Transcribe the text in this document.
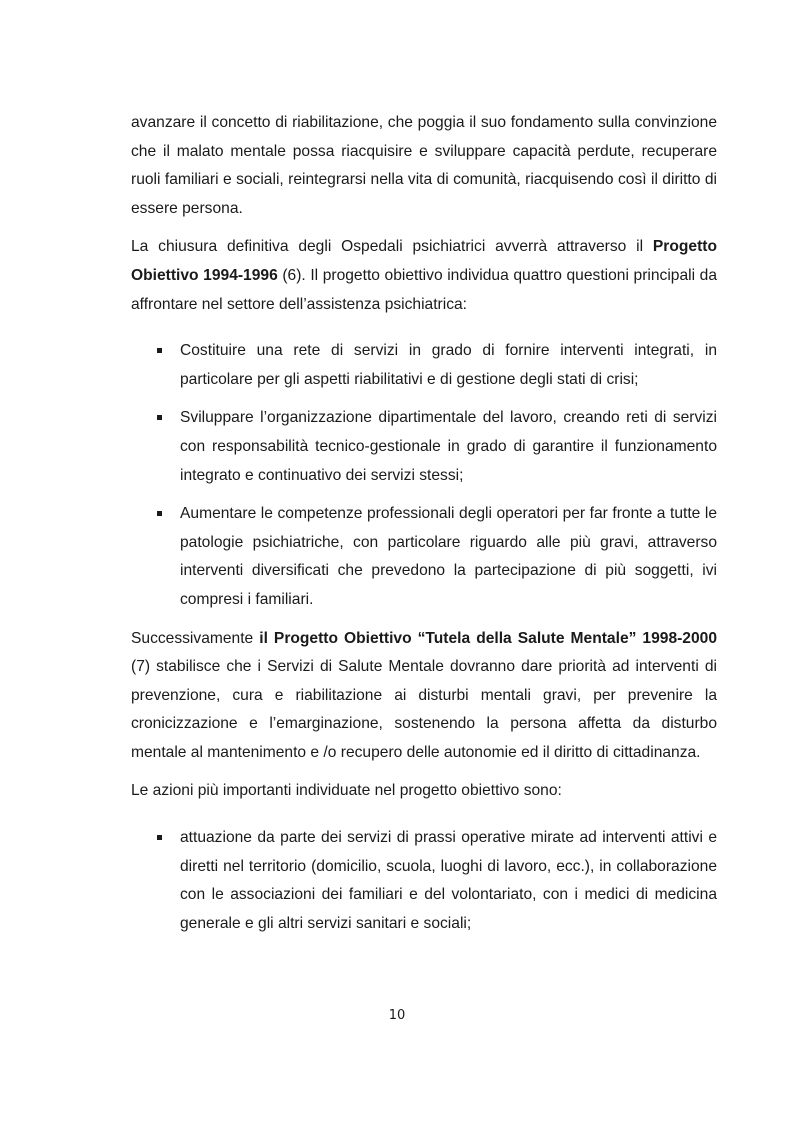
avanzare il concetto di riabilitazione, che poggia il suo fondamento sulla convinzione che il malato mentale possa riacquisire e sviluppare capacità perdute, recuperare ruoli familiari e sociali, reintegrarsi nella vita di comunità, riacquisendo così il diritto di essere persona.

La chiusura definitiva degli Ospedali psichiatrici avverrà attraverso il Progetto Obiettivo 1994-1996 (6). Il progetto obiettivo individua quattro questioni principali da affrontare nel settore dell’assistenza psichiatrica:

Costituire una rete di servizi in grado di fornire interventi integrati, in particolare per gli aspetti riabilitativi e di gestione degli stati di crisi;
Sviluppare l’organizzazione dipartimentale del lavoro, creando reti di servizi con responsabilità tecnico-gestionale in grado di garantire il funzionamento integrato e continuativo dei servizi stessi;
Aumentare le competenze professionali degli operatori per far fronte a tutte le patologie psichiatriche, con particolare riguardo alle più gravi, attraverso interventi diversificati che prevedono la partecipazione di più soggetti, ivi compresi i familiari.

Successivamente il Progetto Obiettivo “Tutela della Salute Mentale” 1998-2000 (7) stabilisce che i Servizi di Salute Mentale dovranno dare priorità ad interventi di prevenzione, cura e riabilitazione ai disturbi mentali gravi, per prevenire la cronicizzazione e l’emarginazione, sostenendo la persona affetta da disturbo mentale al mantenimento e /o recupero delle autonomie ed il diritto di cittadinanza.

Le azioni più importanti individuate nel progetto obiettivo sono:

attuazione da parte dei servizi di prassi operative mirate ad interventi attivi e diretti nel territorio (domicilio, scuola, luoghi di lavoro, ecc.), in collaborazione con le associazioni dei familiari e del volontariato, con i medici di medicina generale e gli altri servizi sanitari e sociali;
10
